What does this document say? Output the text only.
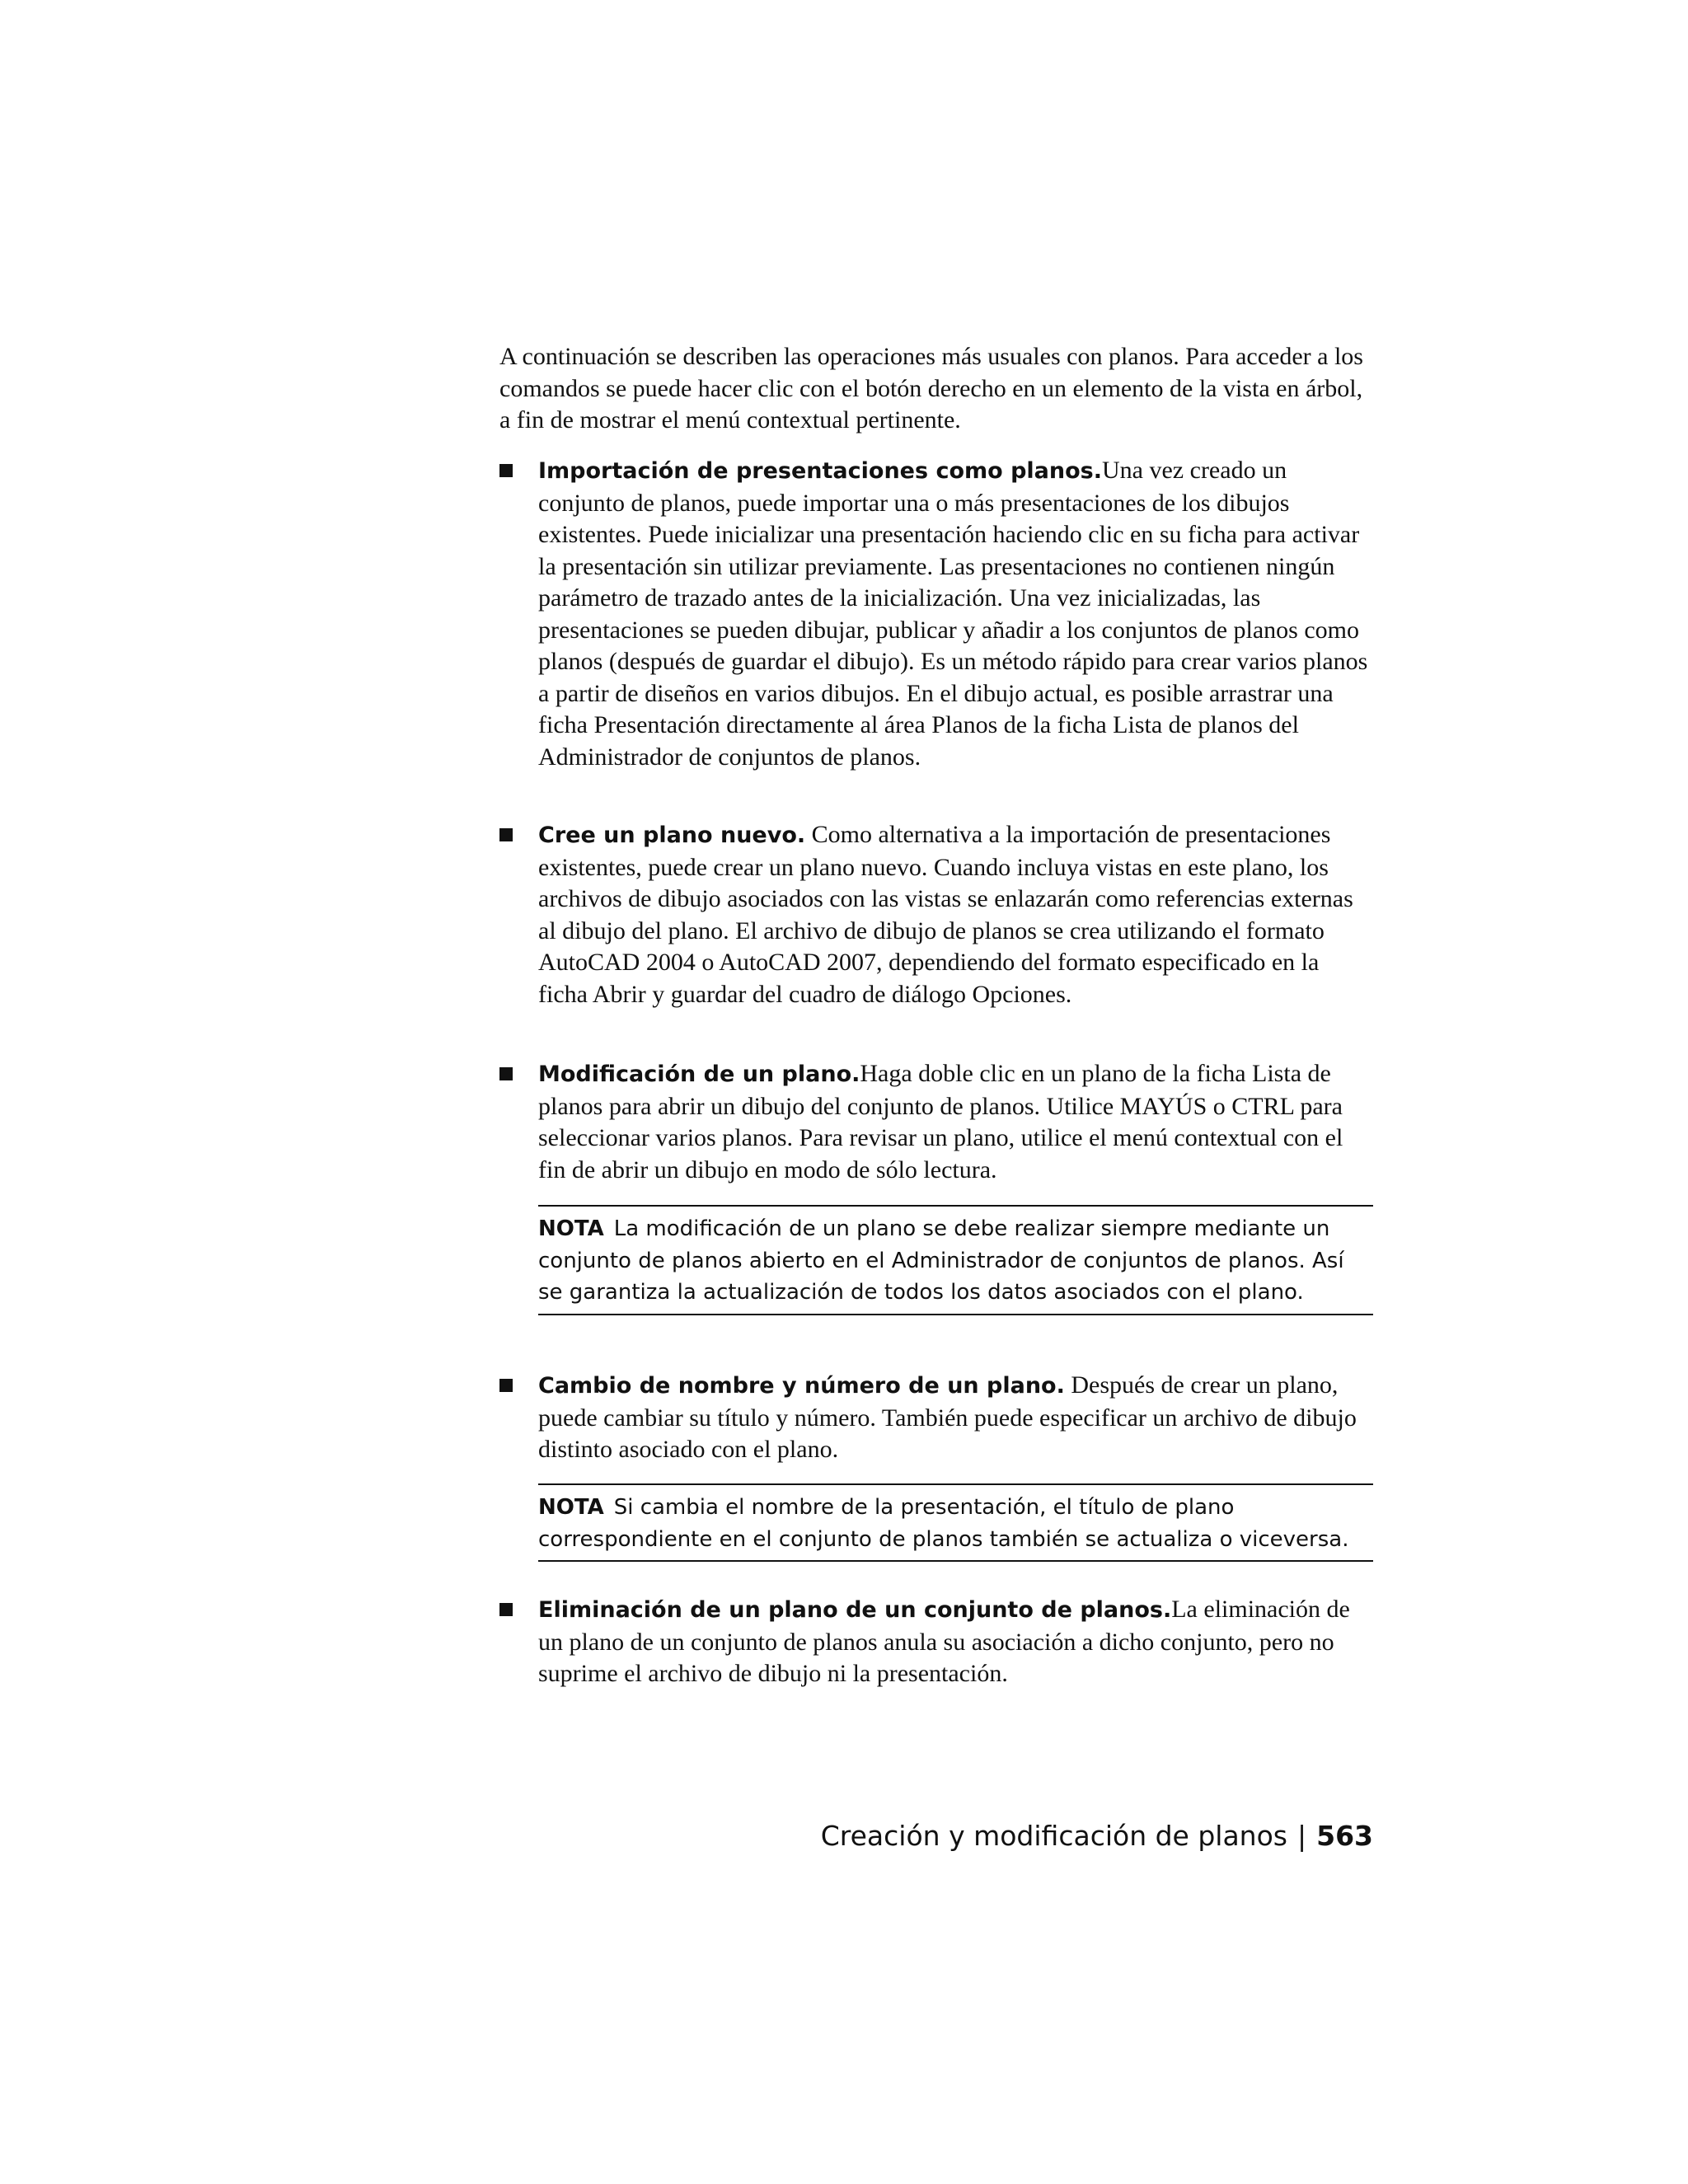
A continuación se describen las operaciones más usuales con planos. Para acceder a los comandos se puede hacer clic con el botón derecho en un elemento de la vista en árbol, a fin de mostrar el menú contextual pertinente.

Importación de presentaciones como planos.Una vez creado un conjunto de planos, puede importar una o más presentaciones de los dibujos existentes. Puede inicializar una presentación haciendo clic en su ficha para activar la presentación sin utilizar previamente. Las presentaciones no contienen ningún parámetro de trazado antes de la inicialización. Una vez inicializadas, las presentaciones se pueden dibujar, publicar y añadir a los conjuntos de planos como planos (después de guardar el dibujo). Es un método rápido para crear varios planos a partir de diseños en varios dibujos. En el dibujo actual, es posible arrastrar una ficha Presentación directamente al área Planos de la ficha Lista de planos del Administrador de conjuntos de planos.

Cree un plano nuevo. Como alternativa a la importación de presentaciones existentes, puede crear un plano nuevo. Cuando incluya vistas en este plano, los archivos de dibujo asociados con las vistas se enlazarán como referencias externas al dibujo del plano. El archivo de dibujo de planos se crea utilizando el formato AutoCAD 2004 o AutoCAD 2007, dependiendo del formato especificado en la ficha Abrir y guardar del cuadro de diálogo Opciones.

Modificación de un plano.Haga doble clic en un plano de la ficha Lista de planos para abrir un dibujo del conjunto de planos. Utilice MAYÚS o CTRL para seleccionar varios planos. Para revisar un plano, utilice el menú contextual con el fin de abrir un dibujo en modo de sólo lectura.

NOTA La modificación de un plano se debe realizar siempre mediante un conjunto de planos abierto en el Administrador de conjuntos de planos. Así se garantiza la actualización de todos los datos asociados con el plano.

Cambio de nombre y número de un plano. Después de crear un plano, puede cambiar su título y número. También puede especificar un archivo de dibujo distinto asociado con el plano.

NOTA Si cambia el nombre de la presentación, el título de plano correspondiente en el conjunto de planos también se actualiza o viceversa.

Eliminación de un plano de un conjunto de planos.La eliminación de un plano de un conjunto de planos anula su asociación a dicho conjunto, pero no suprime el archivo de dibujo ni la presentación.

Creación y modificación de planos | 563
